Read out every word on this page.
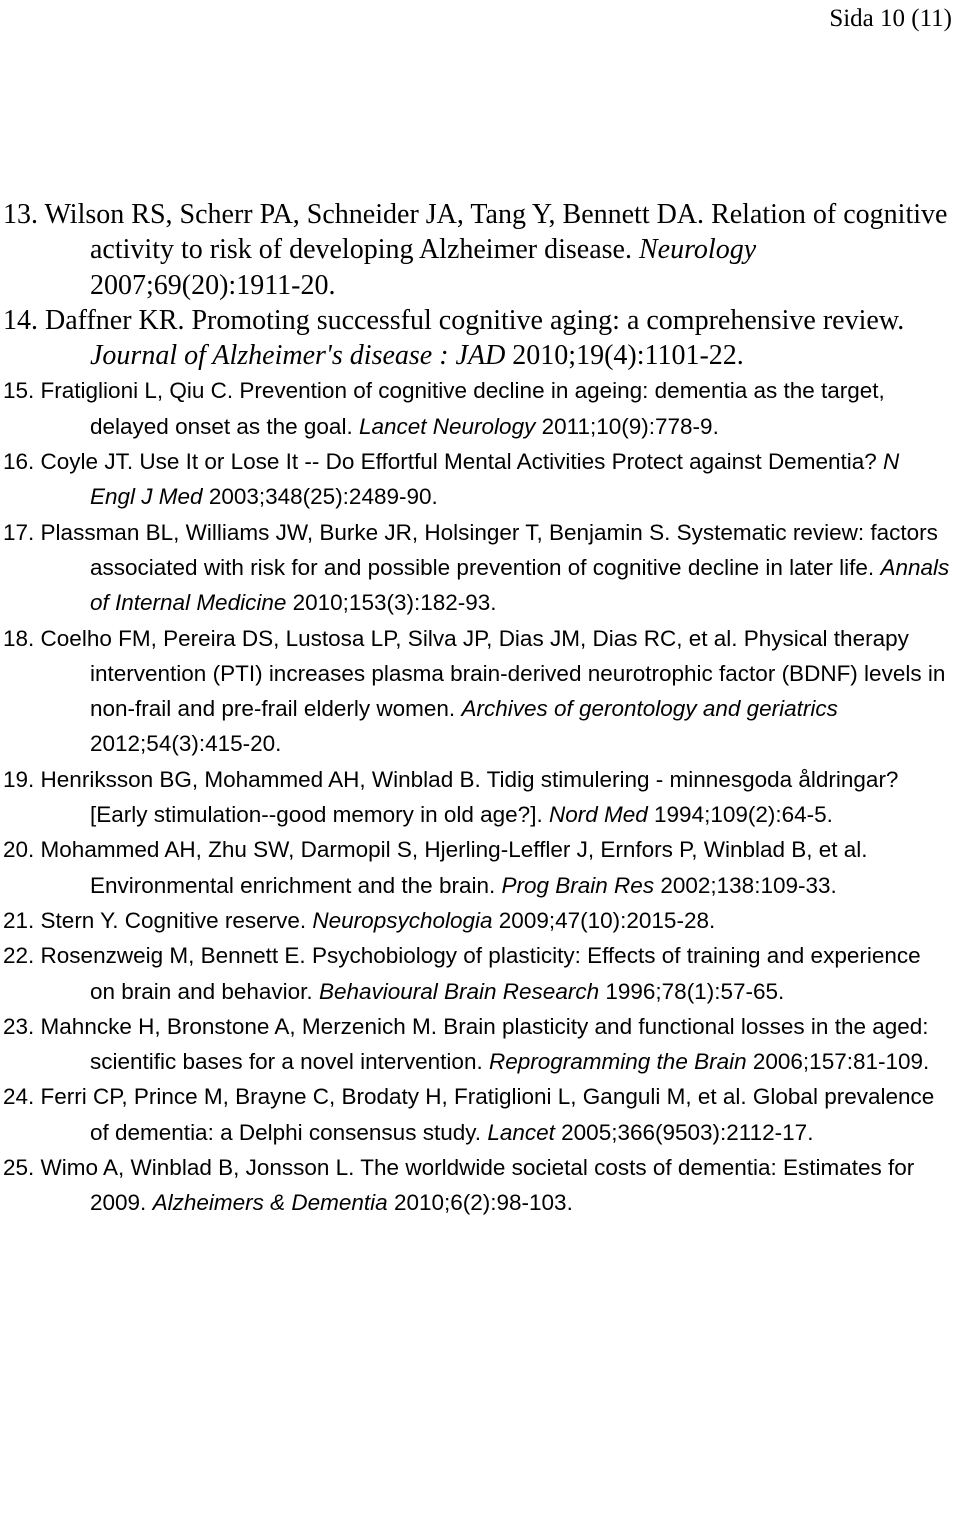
Sida 10 (11)
13. Wilson RS, Scherr PA, Schneider JA, Tang Y, Bennett DA. Relation of cognitive activity to risk of developing Alzheimer disease. Neurology 2007;69(20):1911-20.
14. Daffner KR. Promoting successful cognitive aging: a comprehensive review. Journal of Alzheimer's disease : JAD 2010;19(4):1101-22.
15. Fratiglioni L, Qiu C. Prevention of cognitive decline in ageing: dementia as the target, delayed onset as the goal. Lancet Neurology 2011;10(9):778-9.
16. Coyle JT. Use It or Lose It -- Do Effortful Mental Activities Protect against Dementia? N Engl J Med 2003;348(25):2489-90.
17. Plassman BL, Williams JW, Burke JR, Holsinger T, Benjamin S. Systematic review: factors associated with risk for and possible prevention of cognitive decline in later life. Annals of Internal Medicine 2010;153(3):182-93.
18. Coelho FM, Pereira DS, Lustosa LP, Silva JP, Dias JM, Dias RC, et al. Physical therapy intervention (PTI) increases plasma brain-derived neurotrophic factor (BDNF) levels in non-frail and pre-frail elderly women. Archives of gerontology and geriatrics 2012;54(3):415-20.
19. Henriksson BG, Mohammed AH, Winblad B. Tidig stimulering - minnesgoda åldringar? [Early stimulation--good memory in old age?]. Nord Med 1994;109(2):64-5.
20. Mohammed AH, Zhu SW, Darmopil S, Hjerling-Leffler J, Ernfors P, Winblad B, et al. Environmental enrichment and the brain. Prog Brain Res 2002;138:109-33.
21. Stern Y. Cognitive reserve. Neuropsychologia 2009;47(10):2015-28.
22. Rosenzweig M, Bennett E. Psychobiology of plasticity: Effects of training and experience on brain and behavior. Behavioural Brain Research 1996;78(1):57-65.
23. Mahncke H, Bronstone A, Merzenich M. Brain plasticity and functional losses in the aged: scientific bases for a novel intervention. Reprogramming the Brain 2006;157:81-109.
24. Ferri CP, Prince M, Brayne C, Brodaty H, Fratiglioni L, Ganguli M, et al. Global prevalence of dementia: a Delphi consensus study. Lancet 2005;366(9503):2112-17.
25. Wimo A, Winblad B, Jonsson L. The worldwide societal costs of dementia: Estimates for 2009. Alzheimers & Dementia 2010;6(2):98-103.
